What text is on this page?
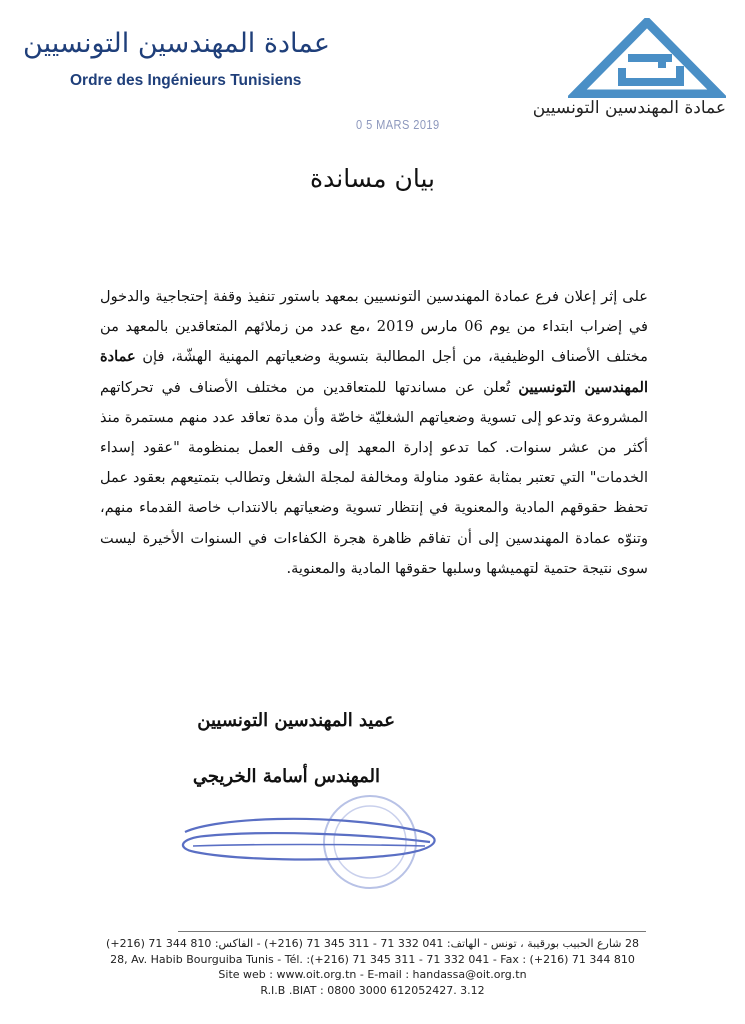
عمادة المهندسين التونسيين
Ordre des Ingénieurs Tunisiens
عمادة المهندسين التونسيين
0 5 MARS 2019
بيان مساندة

على إثر إعلان فرع عمادة المهندسين التونسيين بمعهد باستور تنفيذ وقفة إحتجاجية والدخول في إضراب ابتداء من يوم 06 مارس 2019 ،مع عدد من زملائهم المتعاقدين بالمعهد من مختلف الأصناف الوظيفية، من أجل المطالبة بتسوية وضعياتهم المهنية الهشّة، فإن عمادة المهندسين التونسيين تُعلن عن مساندتها للمتعاقدين من مختلف الأصناف في تحركاتهم المشروعة وتدعو إلى تسوية وضعياتهم الشغليّة خاصّة وأن مدة تعاقد عدد منهم مستمرة منذ أكثر من عشر سنوات. كما تدعو إدارة المعهد إلى وقف العمل بمنظومة "عقود إسداء الخدمات" التي تعتبر بمثابة عقود مناولة ومخالفة لمجلة الشغل وتطالب بتمتيعهم بعقود عمل تحفظ حقوقهم المادية والمعنوية في إنتظار تسوية وضعياتهم بالانتداب خاصة القدماء منهم، وتنوّه عمادة المهندسين إلى أن تفاقم ظاهرة هجرة الكفاءات في السنوات الأخيرة ليست سوى نتيجة حتمية لتهميشها وسلبها حقوقها المادية والمعنوية.

عميد المهندسين التونسيين
المهندس أسامة الخريجي
28 شارع الحبيب بورقيبة ، تونس - الهاتف: 041 332 71 - 311 345 71 (216+) - الفاكس: 810 344 71 (216+)
28, Av. Habib Bourguiba Tunis - Tél. :(+216) 71 345 311 - 71 332 041 - Fax : (+216) 71 344 810
Site web : www.oit.org.tn - E-mail : handassa@oit.org.tn
R.I.B .BIAT : 0800 3000 612052427. 3.12
